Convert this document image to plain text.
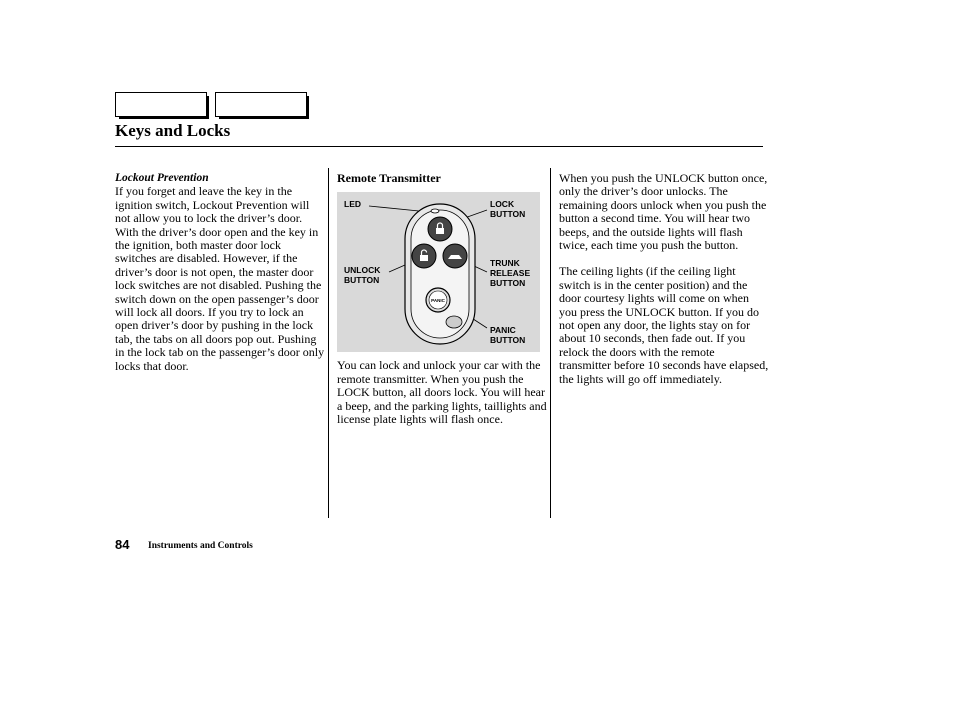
Keys and Locks
Lockout Prevention

If you forget and leave the key in the ignition switch, Lockout Prevention will not allow you to lock the driver’s door. With the driver’s door open and the key in the ignition, both master door lock switches are disabled. However, if the driver’s door is not open, the master door lock switches are not disabled. Pushing the switch down on the open passenger’s door will lock all doors. If you try to lock an open driver’s door by pushing in the lock tab, the tabs on all doors pop out. Pushing in the lock tab on the passenger’s door only locks that door.

Remote Transmitter

You can lock and unlock your car with the remote transmitter. When you push the LOCK button, all doors lock. You will hear a beep, and the parking lights, taillights and license plate lights will flash once.

PANIC
LED	LOCK
BUTTON
UNLOCK
BUTTON
TRUNK
RELEASE
BUTTON
PANIC
BUTTON

When you push the UNLOCK button once, only the driver’s door unlocks. The remaining doors unlock when you push the button a second time. You will hear two beeps, and the outside lights will flash twice, each time you push the button.

The ceiling lights (if the ceiling light switch is in the center position) and the door courtesy lights will come on when you press the UNLOCK button. If you do not open any door, the lights stay on for about 10 seconds, then fade out. If you relock the doors with the remote transmitter before 10 seconds have elapsed, the lights will go off immediately.

84 Instruments and Controls
